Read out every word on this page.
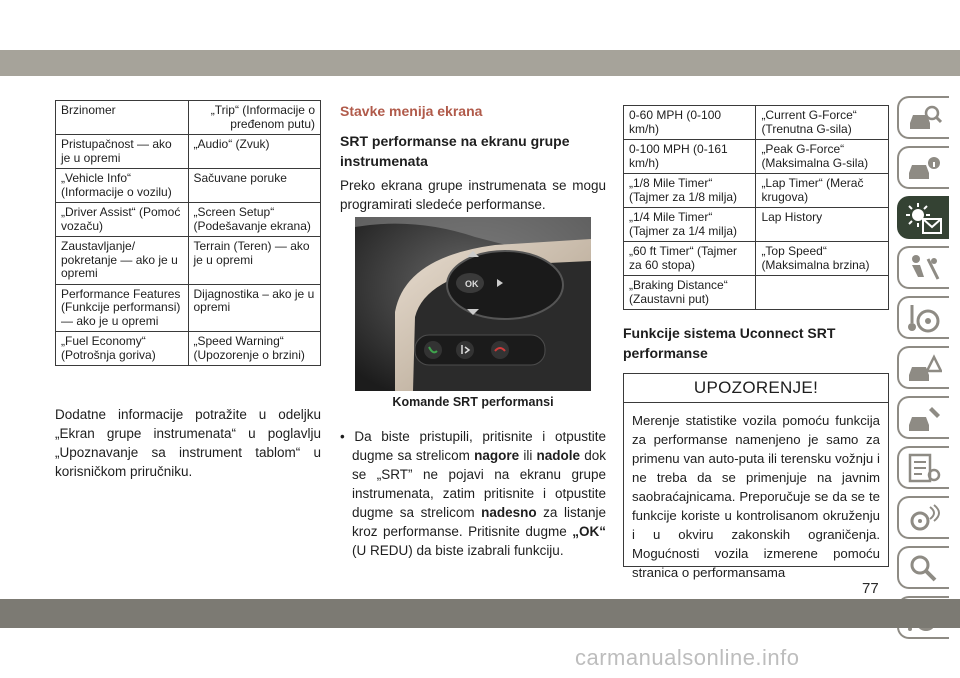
Brzinomer	„Trip“ (Informacije o pređenom putu)
Pristupačnost — ako je u opremi	„Audio“ (Zvuk)
„Vehicle Info“ (Informacije o vozilu)	Sačuvane poruke
„Driver Assist“ (Pomoć vozaču)	„Screen Setup“ (Podešavanje ekrana)
Zaustavljanje/ pokretanje — ako je u opremi	Terrain (Teren) — ako je u opremi
Performance Features (Funkcije performansi) — ako je u opremi	Dijagnostika – ako je u opremi
„Fuel Economy“ (Potrošnja goriva)	„Speed Warning“ (Upozorenje o brzini)
Dodatne informacije potražite u odeljku „Ekran grupe instrumenata“ u poglavlju „Upoznavanje sa instrument tablom“ u korisničkom priručniku.
Stavke menija ekrana
SRT performanse na ekranu grupe instrumenata
Preko ekrana grupe instrumenata se mogu programirati sledeće performanse.
OK
Komande SRT performansi
• Da biste pristupili, pritisnite i otpustite dugme sa strelicom nagore ili nadole dok se „SRT” ne pojavi na ekranu grupe instrumenata, zatim pritisnite i otpustite dugme sa strelicom nadesno za listanje kroz performanse. Pritisnite dugme „OK“ (U REDU) da biste izabrali funkciju.
0-60 MPH (0-100 km/h)	„Current G-Force“ (Trenutna G-sila)
0-100 MPH (0-161 km/h)	„Peak G-Force“ (Maksimalna G-sila)
„1/8 Mile Timer“ (Tajmer za 1/8 milja)	„Lap Timer“ (Merač krugova)
„1/4 Mile Timer“ (Tajmer za 1/4 milja)	Lap History
„60 ft Timer“ (Tajmer za 60 stopa)	„Top Speed“ (Maksimalna brzina)
„Braking Distance“ (Zaustavni put)	
Funkcije sistema Uconnect SRT performanse
UPOZORENJE!
Merenje statistike vozila pomoću funkcija za performanse namenjeno je samo za primenu van auto-puta ili terensku vožnju i ne treba da se primenjuje na javnim saobraćajnicama. Preporučuje se da se te funkcije koriste u kontrolisanom okruženju i u okviru zakonskih ograničenja. Mogućnosti vozila izmerene pomoću stranica o performansama
77
carmanualsonline.info
